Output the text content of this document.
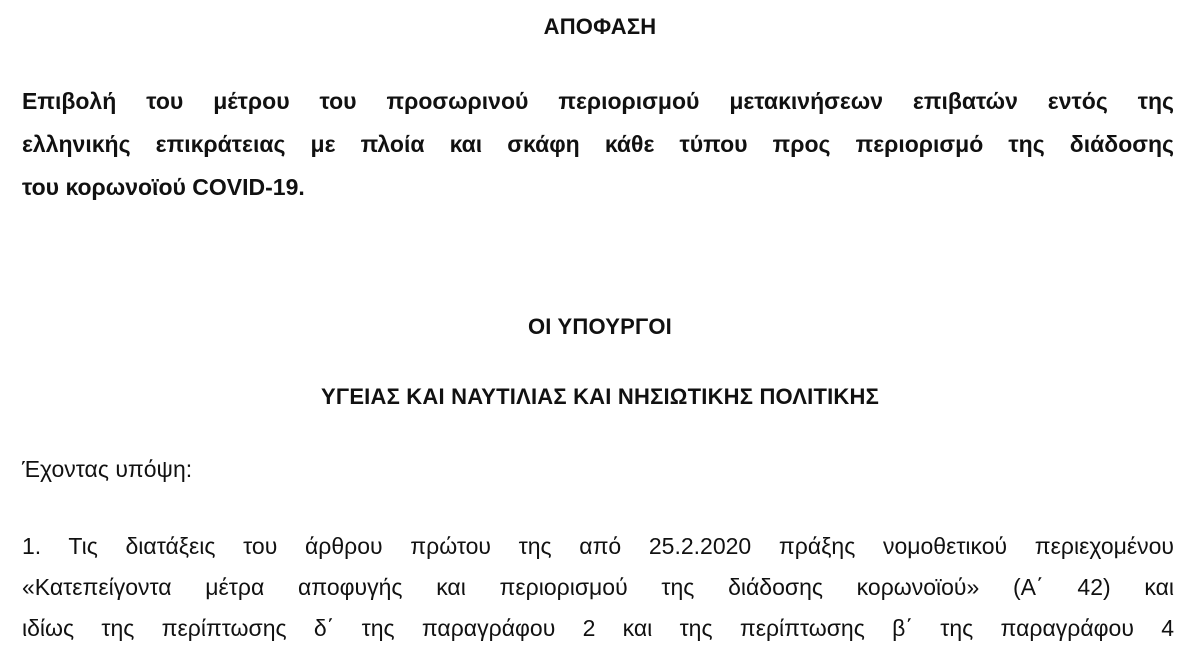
ΑΠΟΦΑΣΗ
Επιβολή του μέτρου του προσωρινού περιορισμού μετακινήσεων επιβατών εντός της
ελληνικής επικράτειας με πλοία και σκάφη κάθε τύπου προς περιορισμό της διάδοσης
του κορωνοϊού COVID-19.
ΟΙ ΥΠΟΥΡΓΟΙ
ΥΓΕΙΑΣ ΚΑΙ ΝΑΥΤΙΛΙΑΣ ΚΑΙ ΝΗΣΙΩΤΙΚΗΣ ΠΟΛΙΤΙΚΗΣ
Έχοντας υπόψη:
1. Τις διατάξεις του άρθρου πρώτου της από 25.2.2020 πράξης νομοθετικού περιεχομένου
«Κατεπείγοντα μέτρα αποφυγής και περιορισμού της διάδοσης κορωνοϊού» (Α΄ 42) και
ιδίως της περίπτωσης δ΄ της παραγράφου 2 και της περίπτωσης β΄ της παραγράφου 4
